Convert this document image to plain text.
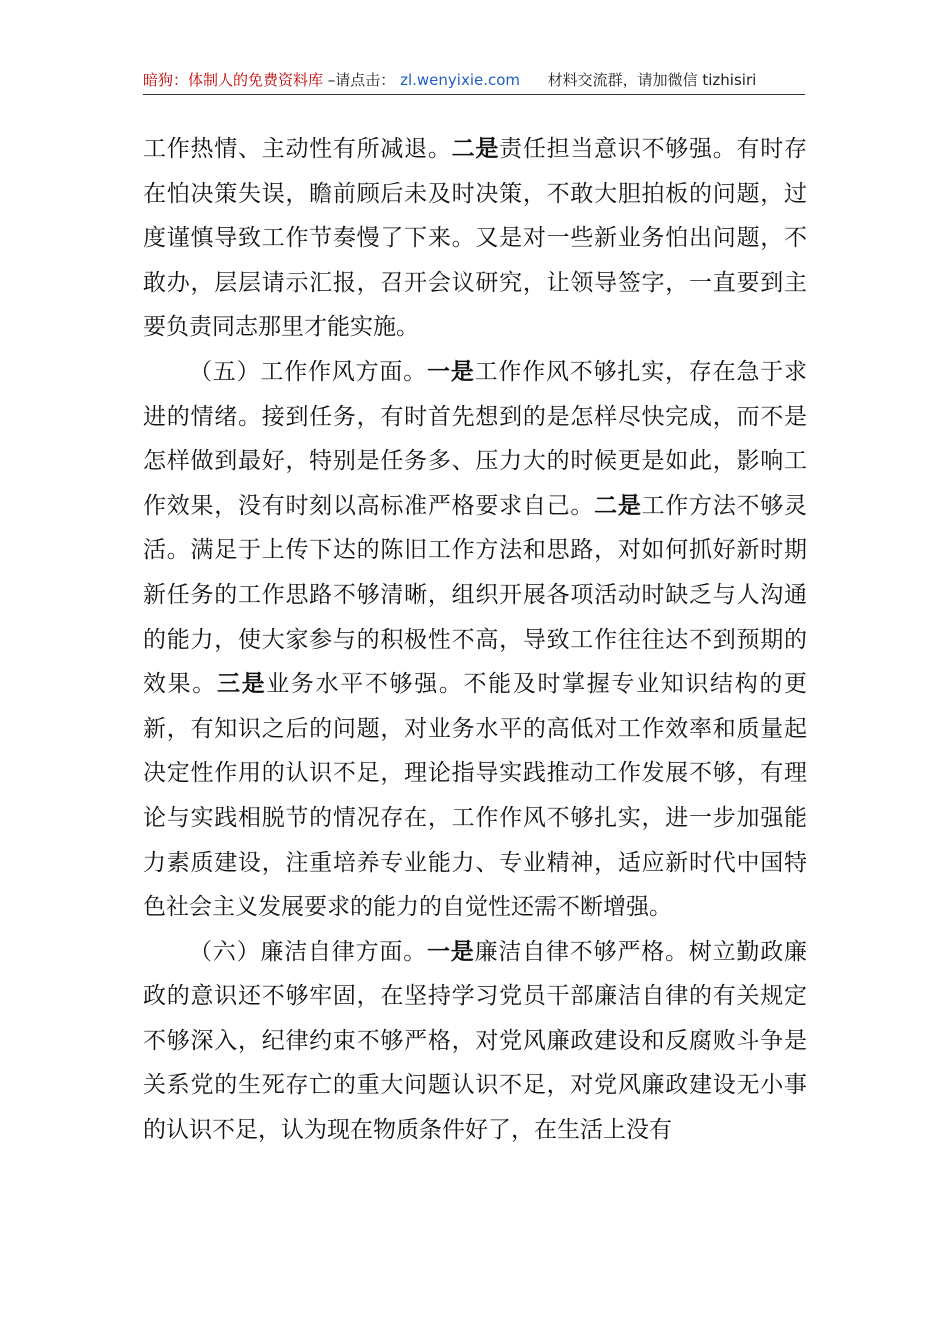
暗狗：体制人的免费资料库 –请点击： zl.wenyixie.com 材料交流群，请加微信 tizhisiri

工作热情、主动性有所减退。二是责任担当意识不够强。有时存在怕决策失误，瞻前顾后未及时决策，不敢大胆拍板的问题，过度谨慎导致工作节奏慢了下来。又是对一些新业务怕出问题，不敢办，层层请示汇报，召开会议研究，让领导签字，一直要到主要负责同志那里才能实施。

（五）工作作风方面。一是工作作风不够扎实，存在急于求进的情绪。接到任务，有时首先想到的是怎样尽快完成，而不是怎样做到最好，特别是任务多、压力大的时候更是如此，影响工作效果，没有时刻以高标准严格要求自己。二是工作方法不够灵活。满足于上传下达的陈旧工作方法和思路，对如何抓好新时期新任务的工作思路不够清晰，组织开展各项活动时缺乏与人沟通的能力，使大家参与的积极性不高，导致工作往往达不到预期的效果。三是业务水平不够强。不能及时掌握专业知识结构的更新，有知识之后的问题，对业务水平的高低对工作效率和质量起决定性作用的认识不足，理论指导实践推动工作发展不够，有理论与实践相脱节的情况存在，工作作风不够扎实，进一步加强能力素质建设，注重培养专业能力、专业精神，适应新时代中国特色社会主义发展要求的能力的自觉性还需不断增强。

（六）廉洁自律方面。一是廉洁自律不够严格。树立勤政廉政的意识还不够牢固，在坚持学习党员干部廉洁自律的有关规定不够深入，纪律约束不够严格，对党风廉政建设和反腐败斗争是关系党的生死存亡的重大问题认识不足，对党风廉政建设无小事的认识不足，认为现在物质条件好了，在生活上没有
